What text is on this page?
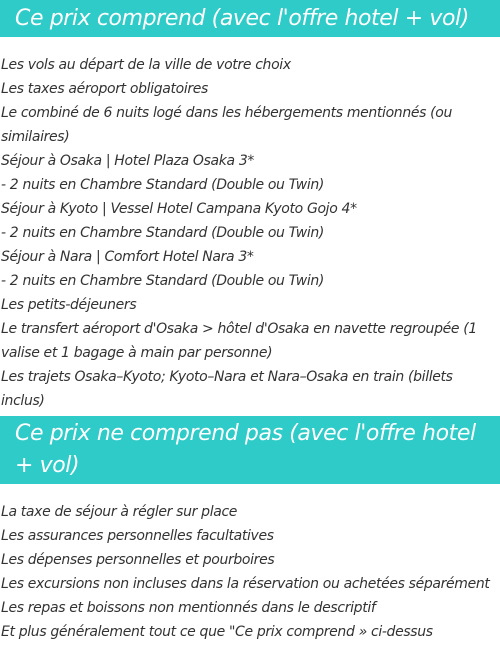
Ce prix comprend (avec l'offre hotel + vol)
Les vols au départ de la ville de votre choix
Les taxes aéroport obligatoires
Le combiné de 6 nuits logé dans les hébergements mentionnés (ou similaires)
Séjour à Osaka | Hotel Plaza Osaka 3*
- 2 nuits en Chambre Standard (Double ou Twin)
Séjour à Kyoto | Vessel Hotel Campana Kyoto Gojo 4*
- 2 nuits en Chambre Standard (Double ou Twin)
Séjour à Nara | Comfort Hotel Nara 3*
- 2 nuits en Chambre Standard (Double ou Twin)
Les petits-déjeuners
Le transfert aéroport d'Osaka > hôtel d'Osaka en navette regroupée (1 valise et 1 bagage à main par personne)
Les trajets Osaka–Kyoto; Kyoto–Nara et Nara–Osaka en train (billets inclus)
Ce prix ne comprend pas (avec l'offre hotel + vol)
La taxe de séjour à régler sur place
Les assurances personnelles facultatives
Les dépenses personnelles et pourboires
Les excursions non incluses dans la réservation ou achetées séparément
Les repas et boissons non mentionnés dans le descriptif
Et plus généralement tout ce que "Ce prix comprend » ci-dessus
